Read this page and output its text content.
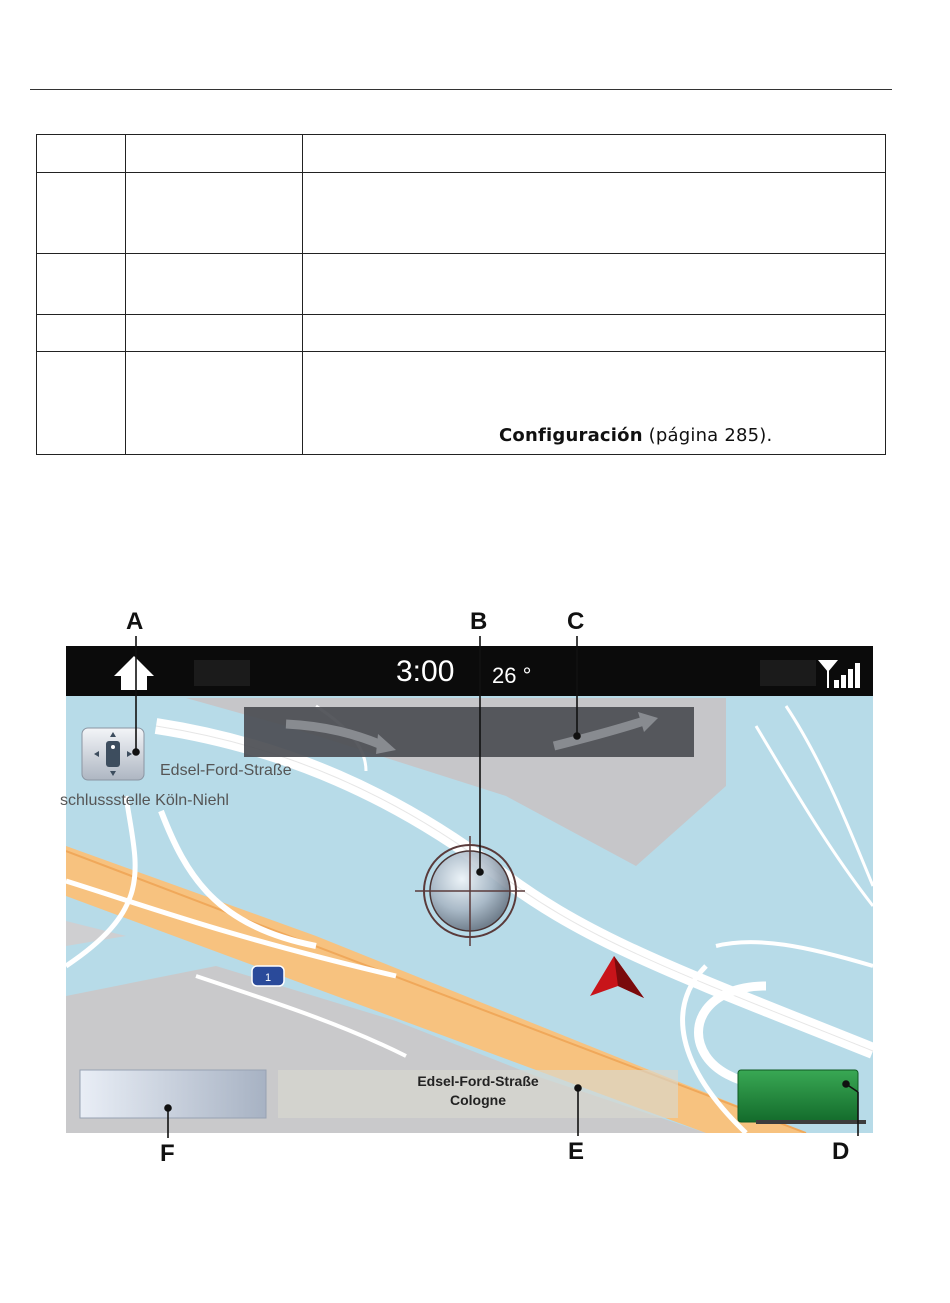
		Configuración (página 285).
A	B	C
D
E
F
1
3:00 26 °
Edsel-Ford-Straße
schlussstelle Köln-Niehl
Edsel-Ford-Straße
Cologne
